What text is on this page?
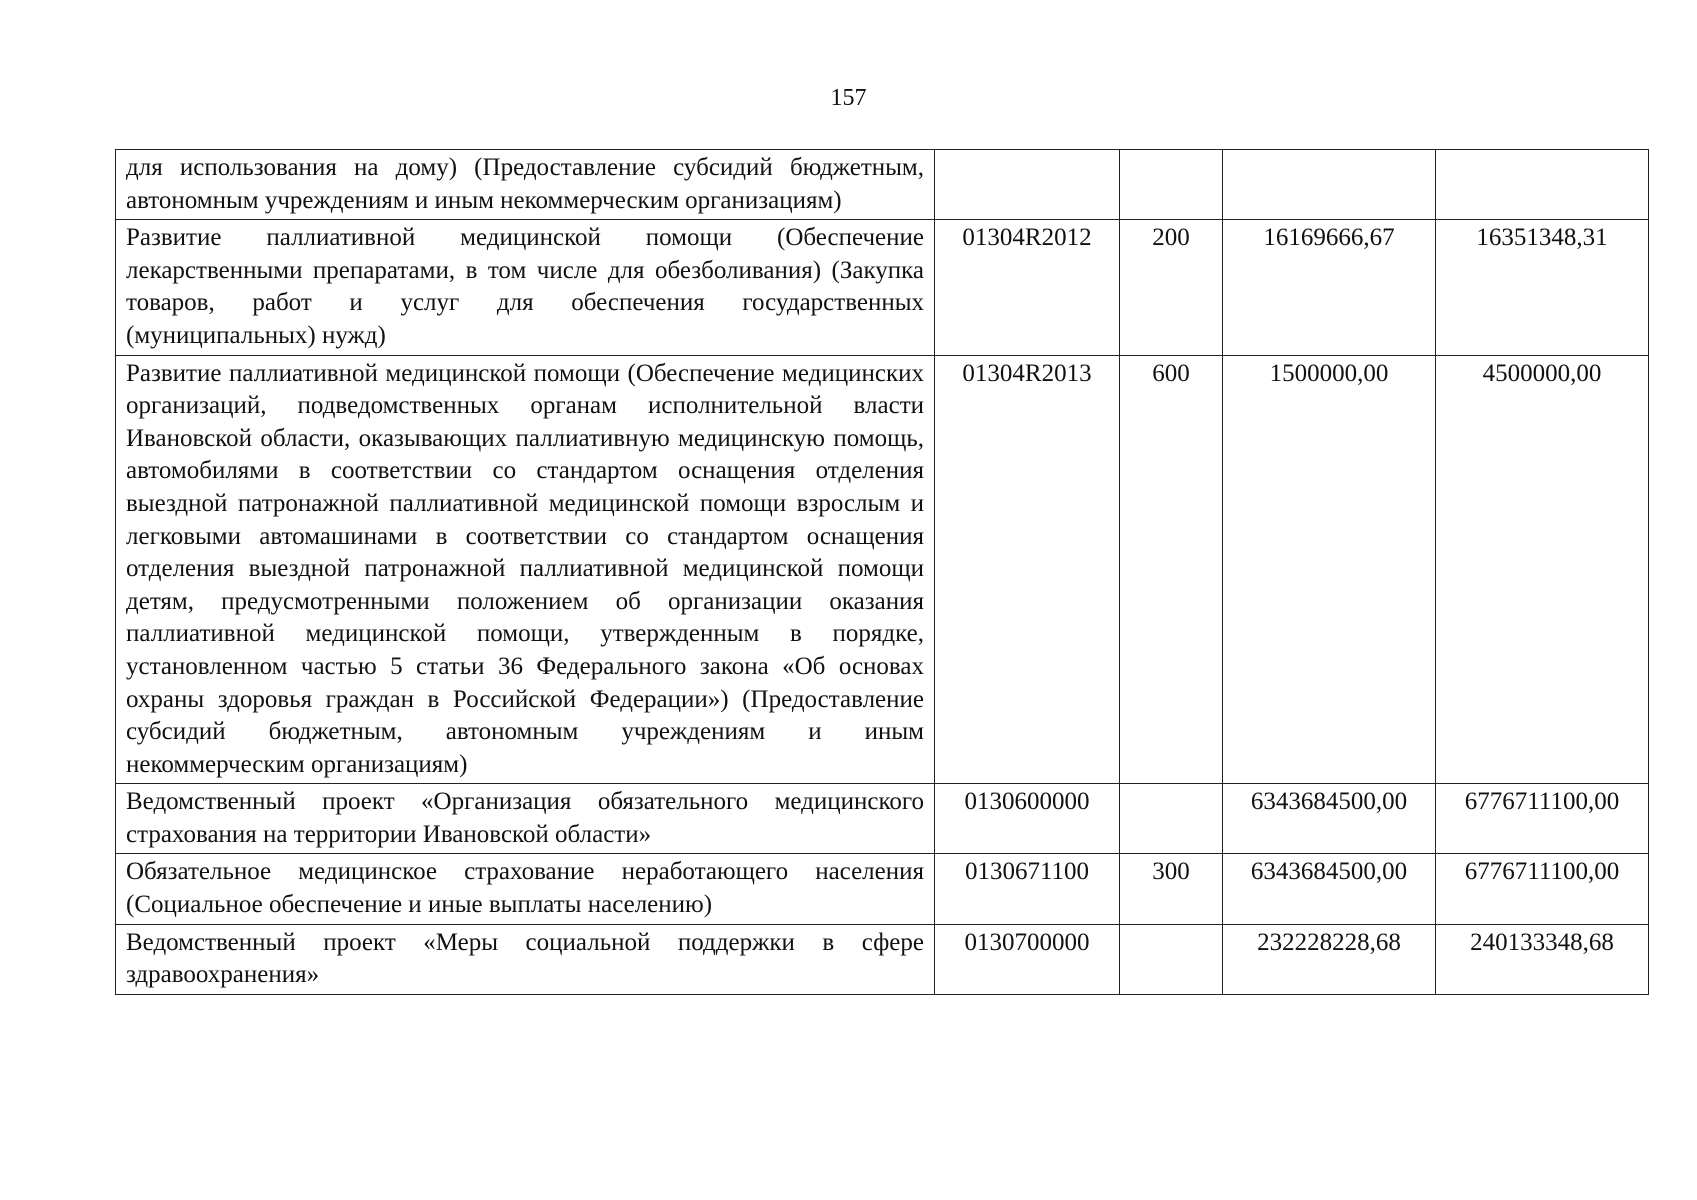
157
для использования на дому) (Предоставление субсидий бюджетным, автономным учреждениям и иным некоммерческим организациям)				
Развитие паллиативной медицинской помощи (Обеспечение лекарственными препаратами, в том числе для обезболивания) (Закупка товаров, работ и услуг для обеспечения государственных (муниципальных) нужд)	01304R2012	200	16169666,67	16351348,31
Развитие паллиативной медицинской помощи (Обеспечение медицинских организаций, подведомственных органам исполнительной власти Ивановской области, оказывающих паллиативную медицинскую помощь, автомобилями в соответствии со стандартом оснащения отделения выездной патронажной паллиативной медицинской помощи взрослым и легковыми автомашинами в соответствии со стандартом оснащения отделения выездной патронажной паллиативной медицинской помощи детям, предусмотренными положением об организации оказания паллиативной медицинской помощи, утвержденным в порядке, установленном частью 5 статьи 36 Федерального закона «Об основах охраны здоровья граждан в Российской Федерации») (Предоставление субсидий бюджетным, автономным учреждениям и иным некоммерческим организациям)	01304R2013	600	1500000,00	4500000,00
Ведомственный проект «Организация обязательного медицинского страхования на территории Ивановской области»	0130600000		6343684500,00	6776711100,00
Обязательное медицинское страхование неработающего населения (Социальное обеспечение и иные выплаты населению)	0130671100	300	6343684500,00	6776711100,00
Ведомственный проект «Меры социальной поддержки в сфере здравоохранения»	0130700000		232228228,68	240133348,68
